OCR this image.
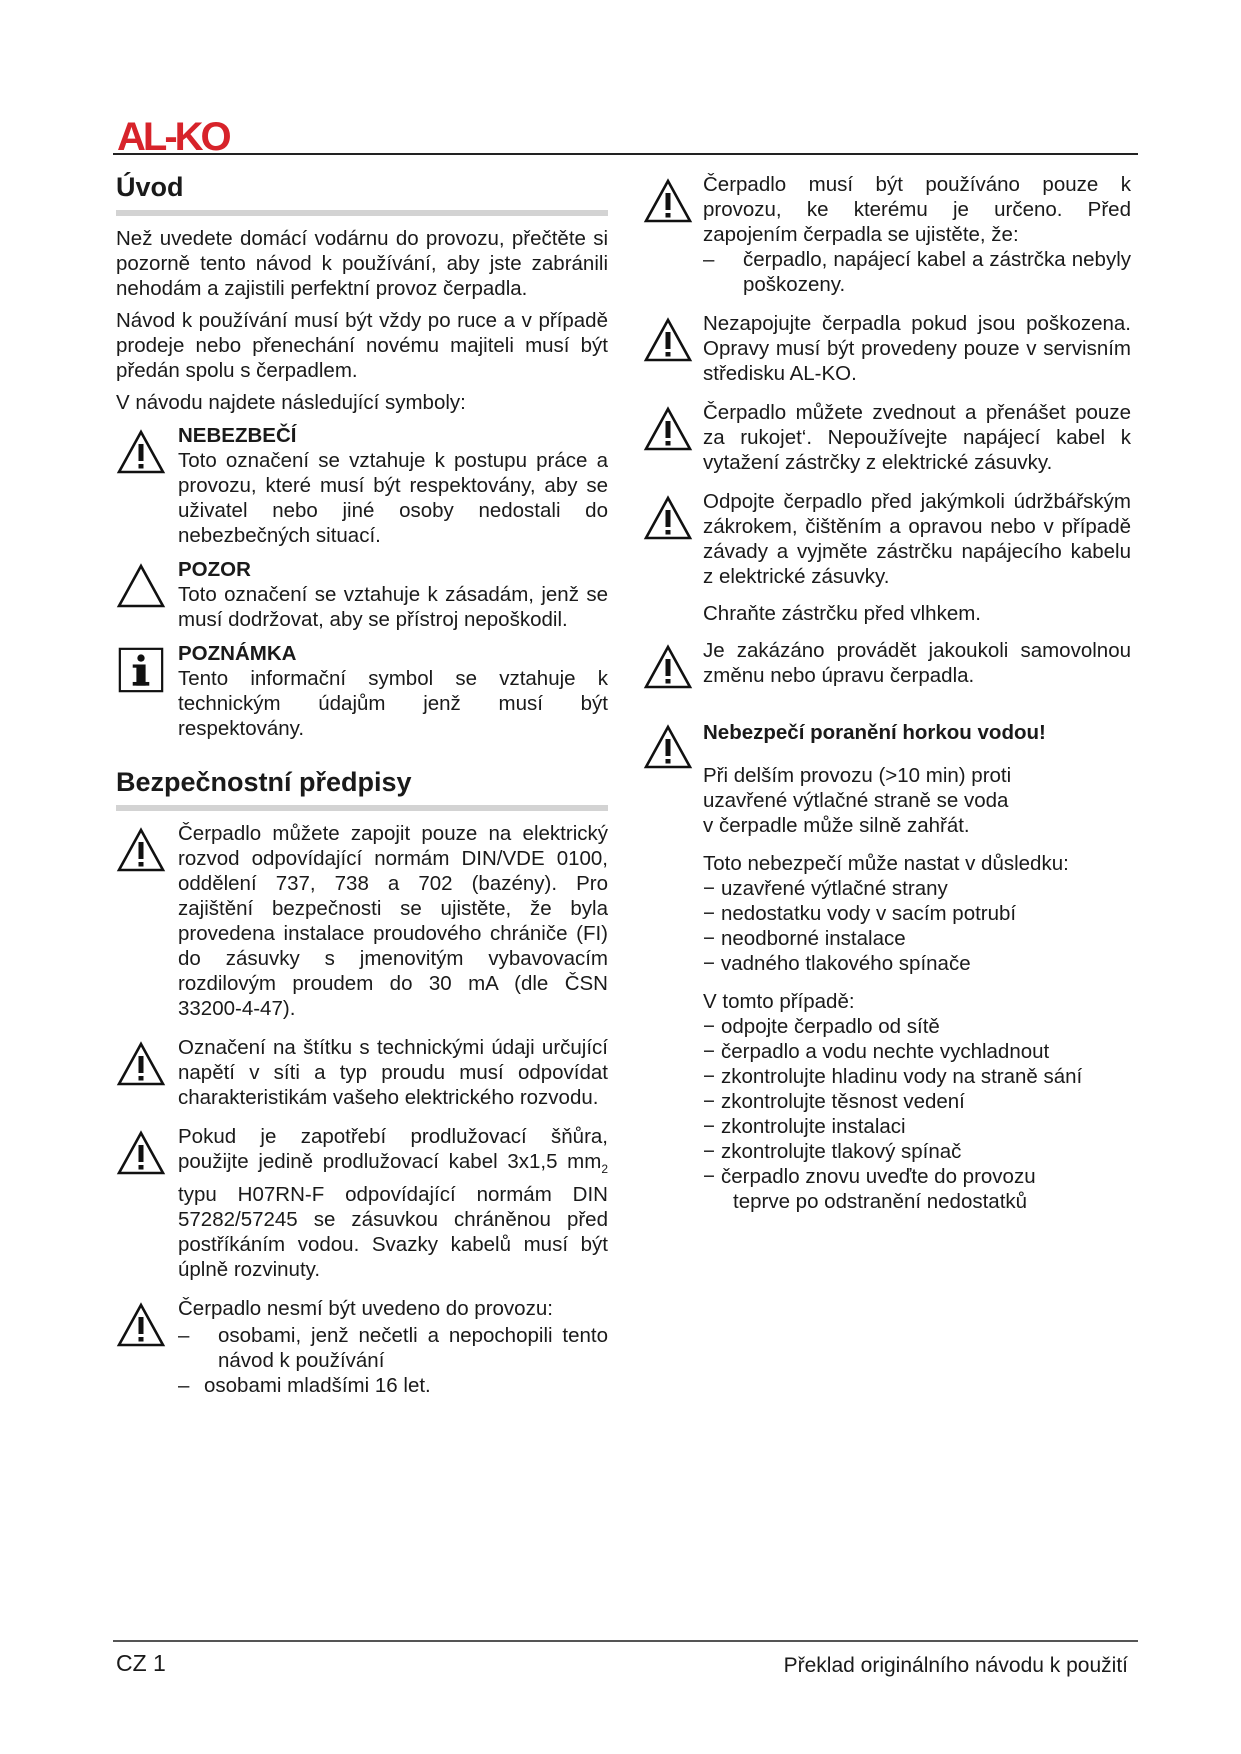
AL-KO
Úvod

Než uvedete domácí vodárnu do provozu, přečtěte si pozorně tento návod k používání, aby jste zabránili nehodám a zajistili perfektní provoz čerpadla.

Návod k používání musí být vždy po ruce a v případě prodeje nebo přenechání novému majiteli musí být předán spolu s čerpadlem.

V návodu najdete následující symboly:

NEBEZBEČÍ

Toto označení se vztahuje k postupu práce a provozu, které musí být respektovány, aby se uživatel nebo jiné osoby nedostali do nebezbečných situací.

POZOR

Toto označení se vztahuje k zásadám, jenž se musí dodržovat, aby se přístroj nepoškodil.

POZNÁMKA

Tento informační symbol se vztahuje k technickým údajům jenž musí být respektovány.

Bezpečnostní předpisy

Čerpadlo můžete zapojit pouze na elektrický rozvod odpovídající normám DIN/VDE 0100, oddělení 737, 738 a 702 (bazény). Pro zajištění bezpečnosti se ujistěte, že byla provedena instalace proudového chrániče (FI) do zásuvky s jmenovitým vybavovacím rozdilovým proudem do 30 mA (dle ČSN 33200-4-47).

Označení na štítku s technickými údaji určující napětí v síti a typ proudu musí odpovídat charakteristikám vašeho elektrického rozvodu.

Pokud je zapotřebí prodlužovací šňůra, použijte jedině prodlužovací kabel 3x1,5 $mm_2$ typu H07RN-F odpovídající normám DIN 57282/57245 se zásuvkou chráněnou před postříkáním vodou. Svazky kabelů musí být úplně rozvinuty.

Čerpadlo nesmí být uvedeno do provozu:

– osobami, jenž nečetli a nepochopili tento návod k používání
– osobami mladšími 16 let.

Čerpadlo musí být používáno pouze k provozu, ke kterému je určeno. Před zapojením čerpadla se ujistěte, že:

– čerpadlo, napájecí kabel a zástrčka nebyly poškozeny.

Nezapojujte čerpadla pokud jsou poškozena. Opravy musí být provedeny pouze v servisním středisku AL-KO.

Čerpadlo můžete zvednout a přenášet pouze za rukojet‘. Nepoužívejte napájecí kabel k vytažení zástrčky z elektrické zásuvky.

Odpojte čerpadlo před jakýmkoli údržbářským zákrokem, čištěním a opravou nebo v případě závady a vyjměte zástrčku napájecího kabelu z elektrické zásuvky.

Chraňte zástrčku před vlhkem.

Je zakázáno provádět jakoukoli samovolnou změnu nebo úpravu čerpadla.

Nebezpečí poranění horkou vodou!
Při delším provozu (>10 min) proti
uzavřené výtlačné straně se voda
v čerpadle může silně zahřát.
Toto nebezpečí může nastat v důsledku:
− uzavřené výtlačné strany
− nedostatku vody v sacím potrubí
− neodborné instalace
− vadného tlakového spínače
V tomto případě:
− odpojte čerpadlo od sítě
− čerpadlo a vodu nechte vychladnout
− zkontrolujte hladinu vody na straně sání
− zkontrolujte těsnost vedení
− zkontrolujte instalaci
− zkontrolujte tlakový spínač
− čerpadlo znovu uveďte do provozu
teprve po odstranění nedostatků
CZ 1	Překlad originálního návodu k použití
